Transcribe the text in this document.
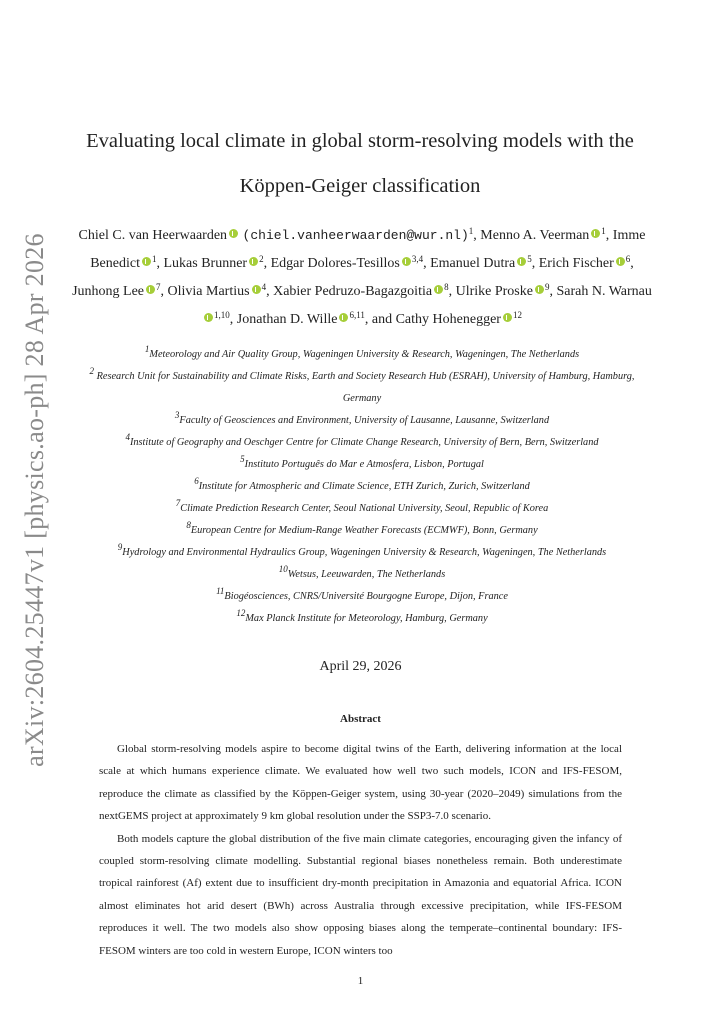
arXiv:2604.25447v1 [physics.ao-ph] 28 Apr 2026
Evaluating local climate in global storm-resolving models with the
Köppen-Geiger classification
Chiel C. van Heerwaarden (chiel.vanheerwaarden@wur.nl)$^1$, Menno A. Veerman $^1$, Imme Benedict $^1$, Lukas Brunner $^2$, Edgar Dolores-Tesillos $^{3,4}$, Emanuel Dutra $^5$, Erich Fischer $^6$, Junhong Lee $^7$, Olivia Martius $^4$, Xabier Pedruzo-Bagazgoitia $^8$, Ulrike Proske $^9$, Sarah N. Warnau$^{1,10}$, Jonathan D. Wille $^{6,11}$, and Cathy Hohenegger $^{12}$
$^1$Meteorology and Air Quality Group, Wageningen University & Research, Wageningen, The Netherlands
$^2$ Research Unit for Sustainability and Climate Risks, Earth and Society Research Hub (ESRAH), University of Hamburg, Hamburg, Germany
$^3$Faculty of Geosciences and Environment, University of Lausanne, Lausanne, Switzerland
$^4$Institute of Geography and Oeschger Centre for Climate Change Research, University of Bern, Bern, Switzerland
$^5$Instituto Português do Mar e Atmosfera, Lisbon, Portugal
$^6$Institute for Atmospheric and Climate Science, ETH Zurich, Zurich, Switzerland
$^7$Climate Prediction Research Center, Seoul National University, Seoul, Republic of Korea
$^8$European Centre for Medium-Range Weather Forecasts (ECMWF), Bonn, Germany
$^9$Hydrology and Environmental Hydraulics Group, Wageningen University & Research, Wageningen, The Netherlands
$^{10}$Wetsus, Leeuwarden, The Netherlands
$^{11}$Biogéosciences, CNRS/Université Bourgogne Europe, Dijon, France
$^{12}$Max Planck Institute for Meteorology, Hamburg, Germany
April 29, 2026
Abstract

Global storm-resolving models aspire to become digital twins of the Earth, delivering information at the local scale at which humans experience climate. We evaluated how well two such models, ICON and IFS-FESOM, reproduce the climate as classified by the Köppen-Geiger system, using 30-year (2020–2049) simulations from the nextGEMS project at approximately 9 km global resolution under the SSP3-7.0 scenario.

Both models capture the global distribution of the five main climate categories, encouraging given the infancy of coupled storm-resolving climate modelling. Substantial regional biases nonetheless remain. Both underestimate tropical rainforest (Af) extent due to insufficient dry-month precipitation in Amazonia and equatorial Africa. ICON almost eliminates hot arid desert (BWh) across Australia through excessive precipitation, while IFS-FESOM reproduces it well. The two models also show opposing biases along the temperate–continental boundary: IFS-FESOM winters are too cold in western Europe, ICON winters too

1
